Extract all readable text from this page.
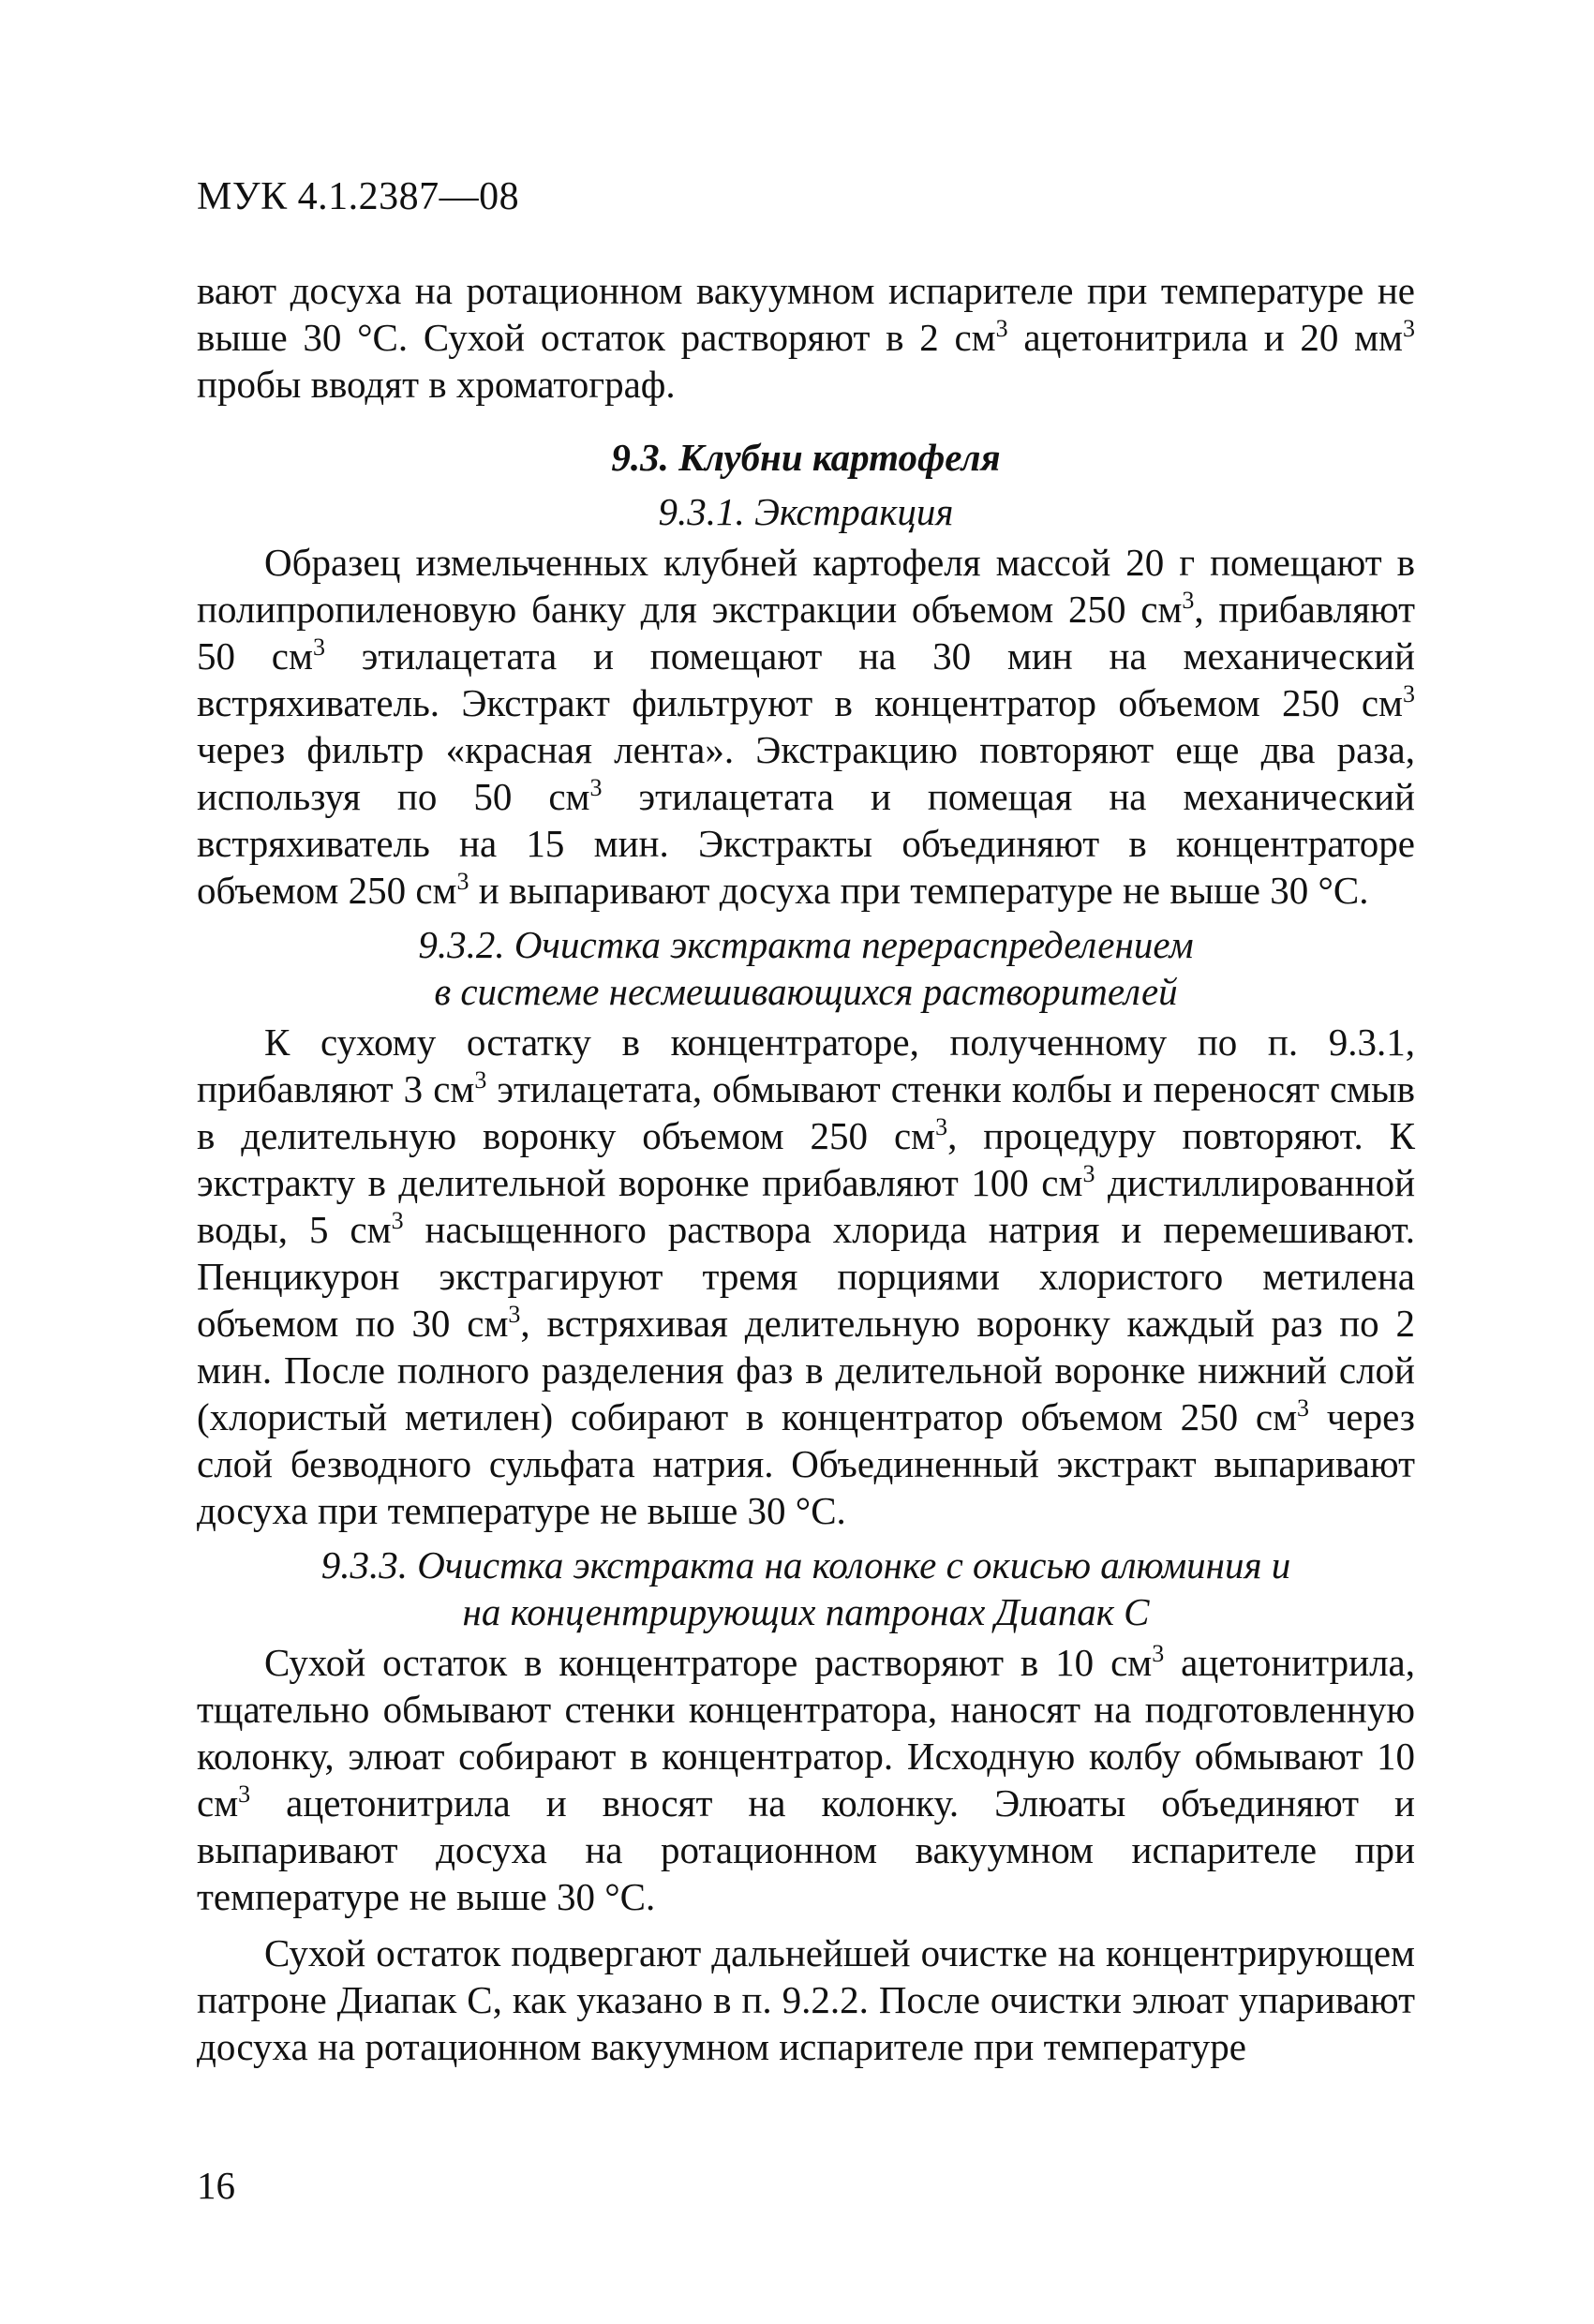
МУК 4.1.2387—08

вают досуха на ротационном вакуумном испарителе при температуре не выше 30 °С. Сухой остаток растворяют в 2 $см^3$ ацетонитрила и 20 $мм^3$ пробы вводят в хроматограф.

9.3. Клубни картофеля
9.3.1. Экстракция

Образец измельченных клубней картофеля массой 20 г помещают в полипропиленовую банку для экстракции объемом 250 $см^3$, прибавляют 50 $см^3$ этилацетата и помещают на 30 мин на механический встряхиватель. Экстракт фильтруют в концентратор объемом 250 $см^3$ через фильтр «красная лента». Экстракцию повторяют еще два раза, используя по 50 $см^3$ этилацетата и помещая на механический встряхиватель на 15 мин. Экстракты объединяют в концентраторе объемом 250 $см^3$ и выпаривают досуха при температуре не выше 30 °С.

9.3.2. Очистка экстракта перераспределением
в системе несмешивающихся растворителей

К сухому остатку в концентраторе, полученному по п. 9.3.1, прибавляют 3 $см^3$ этилацетата, обмывают стенки колбы и переносят смыв в делительную воронку объемом 250 $см^3$, процедуру повторяют. К экстракту в делительной воронке прибавляют 100 $см^3$ дистиллированной воды, 5 $см^3$ насыщенного раствора хлорида натрия и перемешивают. Пенцикурон экстрагируют тремя порциями хлористого метилена объемом по 30 $см^3$, встряхивая делительную воронку каждый раз по 2 мин. После полного разделения фаз в делительной воронке нижний слой (хлористый метилен) собирают в концентратор объемом 250 $см^3$ через слой безводного сульфата натрия. Объединенный экстракт выпаривают досуха при температуре не выше 30 °С.

9.3.3. Очистка экстракта на колонке с окисью алюминия и
на концентрирующих патронах Диапак С

Сухой остаток в концентраторе растворяют в 10 $см^3$ ацетонитрила, тщательно обмывают стенки концентратора, наносят на подготовленную колонку, элюат собирают в концентратор. Исходную колбу обмывают 10 $см^3$ ацетонитрила и вносят на колонку. Элюаты объединяют и выпаривают досуха на ротационном вакуумном испарителе при температуре не выше 30 °С.

Сухой остаток подвергают дальнейшей очистке на концентрирующем патроне Диапак С, как указано в п. 9.2.2. После очистки элюат упаривают досуха на ротационном вакуумном испарителе при температуре

16
